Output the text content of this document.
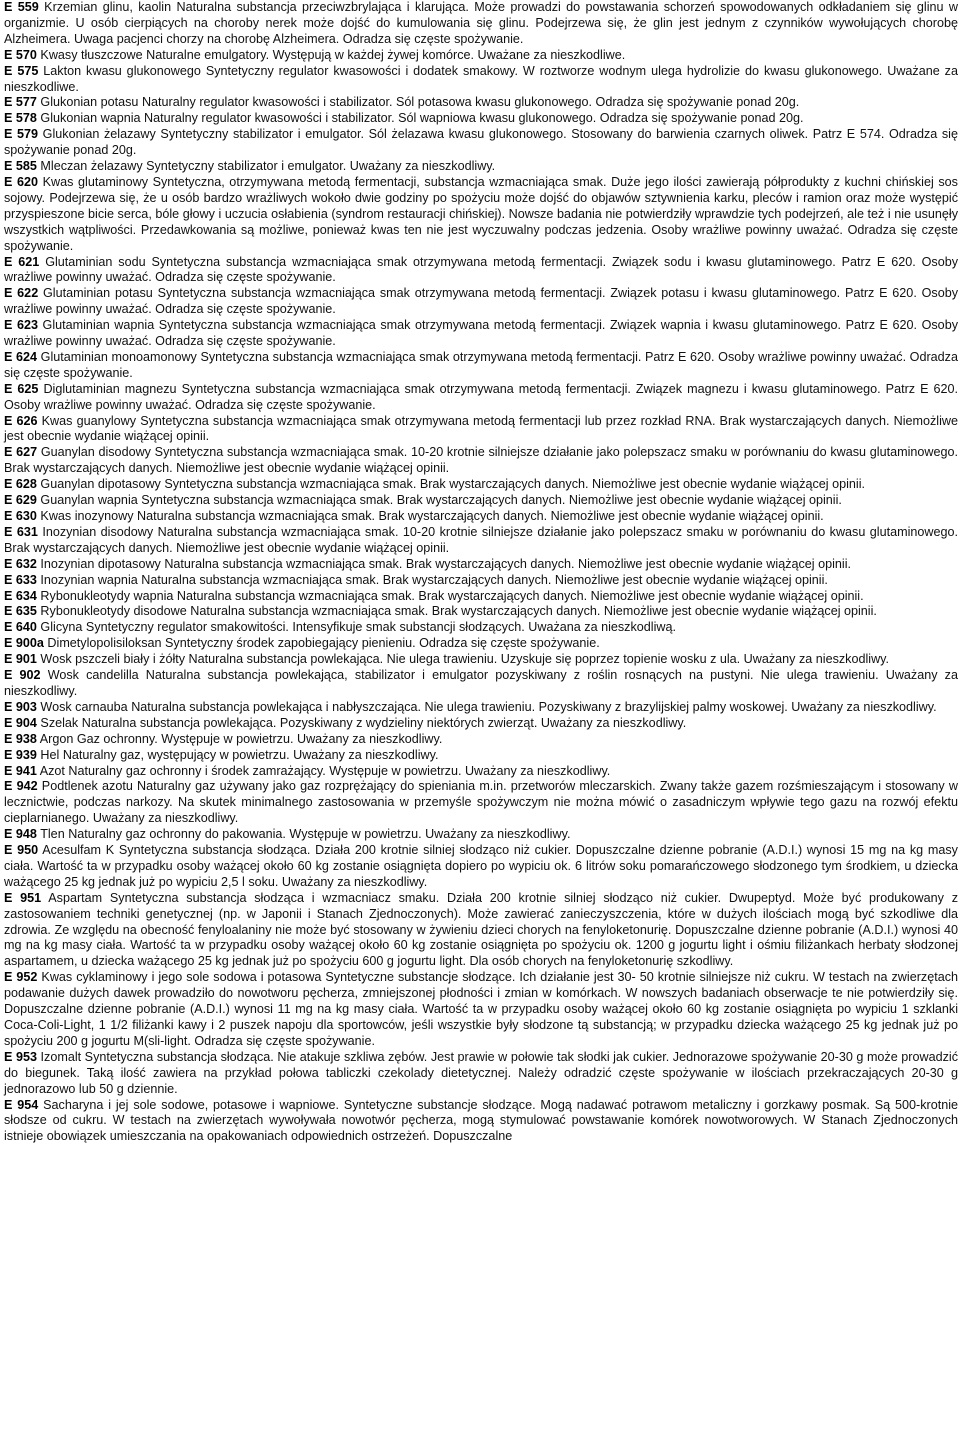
E 559 Krzemian glinu, kaolin Naturalna substancja przeciwzbrylająca i klarująca. Może prowadzi do powstawania schorzeń spowodowanych odkładaniem się glinu w organizmie. U osób cierpiących na choroby nerek może dojść do kumulowania się glinu. Podejrzewa się, że glin jest jednym z czynników wywołujących chorobę Alzheimera. Uwaga pacjenci chorzy na chorobę Alzheimera. Odradza się częste spożywanie.

E 570 Kwasy tłuszczowe Naturalne emulgatory. Występują w każdej żywej komórce. Uważane za nieszkodliwe.

E 575 Lakton kwasu glukonowego Syntetyczny regulator kwasowości i dodatek smakowy. W roztworze wodnym ulega hydrolizie do kwasu glukonowego. Uważane za nieszkodliwe.

E 577 Glukonian potasu Naturalny regulator kwasowości i stabilizator. Sól potasowa kwasu glukonowego. Odradza się spożywanie ponad 20g.

E 578 Glukonian wapnia Naturalny regulator kwasowości i stabilizator. Sól wapniowa kwasu glukonowego. Odradza się spożywanie ponad 20g.

E 579 Glukonian żelazawy Syntetyczny stabilizator i emulgator. Sól żelazawa kwasu glukonowego. Stosowany do barwienia czarnych oliwek. Patrz E 574. Odradza się spożywanie ponad 20g.

E 585 Mleczan żelazawy Syntetyczny stabilizator i emulgator. Uważany za nieszkodliwy.

E 620 Kwas glutaminowy Syntetyczna, otrzymywana metodą fermentacji, substancja wzmacniająca smak. Duże jego ilości zawierają półprodukty z kuchni chińskiej sos sojowy. Podejrzewa się, że u osób bardzo wrażliwych wokoło dwie godziny po spożyciu może dojść do objawów sztywnienia karku, pleców i ramion oraz może występić przyspieszone bicie serca, bóle głowy i uczucia osłabienia (syndrom restauracji chińskiej). Nowsze badania nie potwierdziły wprawdzie tych podejrzeń, ale też i nie usunęły wszystkich wątpliwości. Przedawkowania są możliwe, ponieważ kwas ten nie jest wyczuwalny podczas jedzenia. Osoby wrażliwe powinny uważać. Odradza się częste spożywanie.

E 621 Glutaminian sodu Syntetyczna substancja wzmacniająca smak otrzymywana metodą fermentacji. Związek sodu i kwasu glutaminowego. Patrz E 620. Osoby wrażliwe powinny uważać. Odradza się częste spożywanie.

E 622 Glutaminian potasu Syntetyczna substancja wzmacniająca smak otrzymywana metodą fermentacji. Związek potasu i kwasu glutaminowego. Patrz E 620. Osoby wrażliwe powinny uważać. Odradza się częste spożywanie.

E 623 Glutaminian wapnia Syntetyczna substancja wzmacniająca smak otrzymywana metodą fermentacji. Związek wapnia i kwasu glutaminowego. Patrz E 620. Osoby wrażliwe powinny uważać. Odradza się częste spożywanie.

E 624 Glutaminian monoamonowy Syntetyczna substancja wzmacniająca smak otrzymywana metodą fermentacji. Patrz E 620. Osoby wrażliwe powinny uważać. Odradza się częste spożywanie.

E 625 Diglutaminian magnezu Syntetyczna substancja wzmacniająca smak otrzymywana metodą fermentacji. Związek magnezu i kwasu glutaminowego. Patrz E 620. Osoby wrażliwe powinny uważać. Odradza się częste spożywanie.

E 626 Kwas guanylowy Syntetyczna substancja wzmacniająca smak otrzymywana metodą fermentacji lub przez rozkład RNA. Brak wystarczających danych. Niemożliwe jest obecnie wydanie wiążącej opinii.

E 627 Guanylan disodowy Syntetyczna substancja wzmacniająca smak. 10-20 krotnie silniejsze działanie jako polepszacz smaku w porównaniu do kwasu glutaminowego. Brak wystarczających danych. Niemożliwe jest obecnie wydanie wiążącej opinii.

E 628 Guanylan dipotasowy Syntetyczna substancja wzmacniająca smak. Brak wystarczających danych. Niemożliwe jest obecnie wydanie wiążącej opinii.

E 629 Guanylan wapnia Syntetyczna substancja wzmacniająca smak. Brak wystarczających danych. Niemożliwe jest obecnie wydanie wiążącej opinii.

E 630 Kwas inozynowy Naturalna substancja wzmacniająca smak. Brak wystarczających danych. Niemożliwe jest obecnie wydanie wiążącej opinii.

E 631 Inozynian disodowy Naturalna substancja wzmacniająca smak. 10-20 krotnie silniejsze działanie jako polepszacz smaku w porównaniu do kwasu glutaminowego. Brak wystarczających danych. Niemożliwe jest obecnie wydanie wiążącej opinii.

E 632 Inozynian dipotasowy Naturalna substancja wzmacniająca smak. Brak wystarczających danych. Niemożliwe jest obecnie wydanie wiążącej opinii.

E 633 Inozynian wapnia Naturalna substancja wzmacniająca smak. Brak wystarczających danych. Niemożliwe jest obecnie wydanie wiążącej opinii.

E 634 Rybonukleotydy wapnia Naturalna substancja wzmacniająca smak. Brak wystarczających danych. Niemożliwe jest obecnie wydanie wiążącej opinii.

E 635 Rybonukleotydy disodowe Naturalna substancja wzmacniająca smak. Brak wystarczających danych. Niemożliwe jest obecnie wydanie wiążącej opinii.

E 640 Glicyna Syntetyczny regulator smakowitości. Intensyfikuje smak substancji słodzących. Uważana za nieszkodliwą.

E 900a Dimetylopolisiloksan Syntetyczny środek zapobiegający pienieniu. Odradza się częste spożywanie.

E 901 Wosk pszczeli biały i żółty Naturalna substancja powlekająca. Nie ulega trawieniu. Uzyskuje się poprzez topienie wosku z ula. Uważany za nieszkodliwy.

E 902 Wosk candelilla Naturalna substancja powlekająca, stabilizator i emulgator pozyskiwany z roślin rosnących na pustyni. Nie ulega trawieniu. Uważany za nieszkodliwy.

E 903 Wosk carnauba Naturalna substancja powlekająca i nabłyszczająca. Nie ulega trawieniu. Pozyskiwany z brazylijskiej palmy woskowej. Uważany za nieszkodliwy.

E 904 Szelak Naturalna substancja powlekająca. Pozyskiwany z wydzieliny niektórych zwierząt. Uważany za nieszkodliwy.

E 938 Argon Gaz ochronny. Występuje w powietrzu. Uważany za nieszkodliwy.

E 939 Hel Naturalny gaz, występujący w powietrzu. Uważany za nieszkodliwy.

E 941 Azot Naturalny gaz ochronny i środek zamrażający. Występuje w powietrzu. Uważany za nieszkodliwy.

E 942 Podtlenek azotu Naturalny gaz używany jako gaz rozprężający do spieniania m.in. przetworów mleczarskich. Zwany także gazem rozśmieszającym i stosowany w lecznictwie, podczas narkozy. Na skutek minimalnego zastosowania w przemyśle spożywczym nie można mówić o zasadniczym wpływie tego gazu na rozwój efektu cieplarnianego. Uważany za nieszkodliwy.

E 948 Tlen Naturalny gaz ochronny do pakowania. Występuje w powietrzu. Uważany za nieszkodliwy.

E 950 Acesulfam K Syntetyczna substancja słodząca. Działa 200 krotnie silniej słodząco niż cukier. Dopuszczalne dzienne pobranie (A.D.I.) wynosi 15 mg na kg masy ciała. Wartość ta w przypadku osoby ważącej około 60 kg zostanie osiągnięta dopiero po wypiciu ok. 6 litrów soku pomarańczowego słodzonego tym środkiem, u dziecka ważącego 25 kg jednak już po wypiciu 2,5 l soku. Uważany za nieszkodliwy.

E 951 Aspartam Syntetyczna substancja słodząca i wzmacniacz smaku. Działa 200 krotnie silniej słodząco niż cukier. Dwupeptyd. Może być produkowany z zastosowaniem techniki genetycznej (np. w Japonii i Stanach Zjednoczonych). Może zawierać zanieczyszczenia, które w dużych ilościach mogą być szkodliwe dla zdrowia. Ze względu na obecność fenyloalaniny nie może być stosowany w żywieniu dzieci chorych na fenyloketonurię. Dopuszczalne dzienne pobranie (A.D.I.) wynosi 40 mg na kg masy ciała. Wartość ta w przypadku osoby ważącej około 60 kg zostanie osiągnięta po spożyciu ok. 1200 g jogurtu light i ośmiu filiżankach herbaty słodzonej aspartamem, u dziecka ważącego 25 kg jednak już po spożyciu 600 g jogurtu light. Dla osób chorych na fenyloketonurię szkodliwy.

E 952 Kwas cyklaminowy i jego sole sodowa i potasowa Syntetyczne substancje słodzące. Ich działanie jest 30- 50 krotnie silniejsze niż cukru. W testach na zwierzętach podawanie dużych dawek prowadziło do nowotworu pęcherza, zmniejszonej płodności i zmian w komórkach. W nowszych badaniach obserwacje te nie potwierdziły się. Dopuszczalne dzienne pobranie (A.D.I.) wynosi 11 mg na kg masy ciała. Wartość ta w przypadku osoby ważącej około 60 kg zostanie osiągnięta po wypiciu 1 szklanki Coca-Coli-Light, 1 1/2 filiżanki kawy i 2 puszek napoju dla sportowców, jeśli wszystkie były słodzone tą substancją; w przypadku dziecka ważącego 25 kg jednak już po spożyciu 200 g jogurtu M(sli-light. Odradza się częste spożywanie.

E 953 Izomalt Syntetyczna substancja słodząca. Nie atakuje szkliwa zębów. Jest prawie w połowie tak słodki jak cukier. Jednorazowe spożywanie 20-30 g może prowadzić do biegunek. Taką ilość zawiera na przykład połowa tabliczki czekolady dietetycznej. Należy odradzić częste spożywanie w ilościach przekraczających 20-30 g jednorazowo lub 50 g dziennie.

E 954 Sacharyna i jej sole sodowe, potasowe i wapniowe. Syntetyczne substancje słodzące. Mogą nadawać potrawom metaliczny i gorzkawy posmak. Są 500-krotnie słodsze od cukru. W testach na zwierzętach wywoływała nowotwór pęcherza, mogą stymulować powstawanie komórek nowotworowych. W Stanach Zjednoczonych istnieje obowiązek umieszczania na opakowaniach odpowiednich ostrzeżeń. Dopuszczalne
